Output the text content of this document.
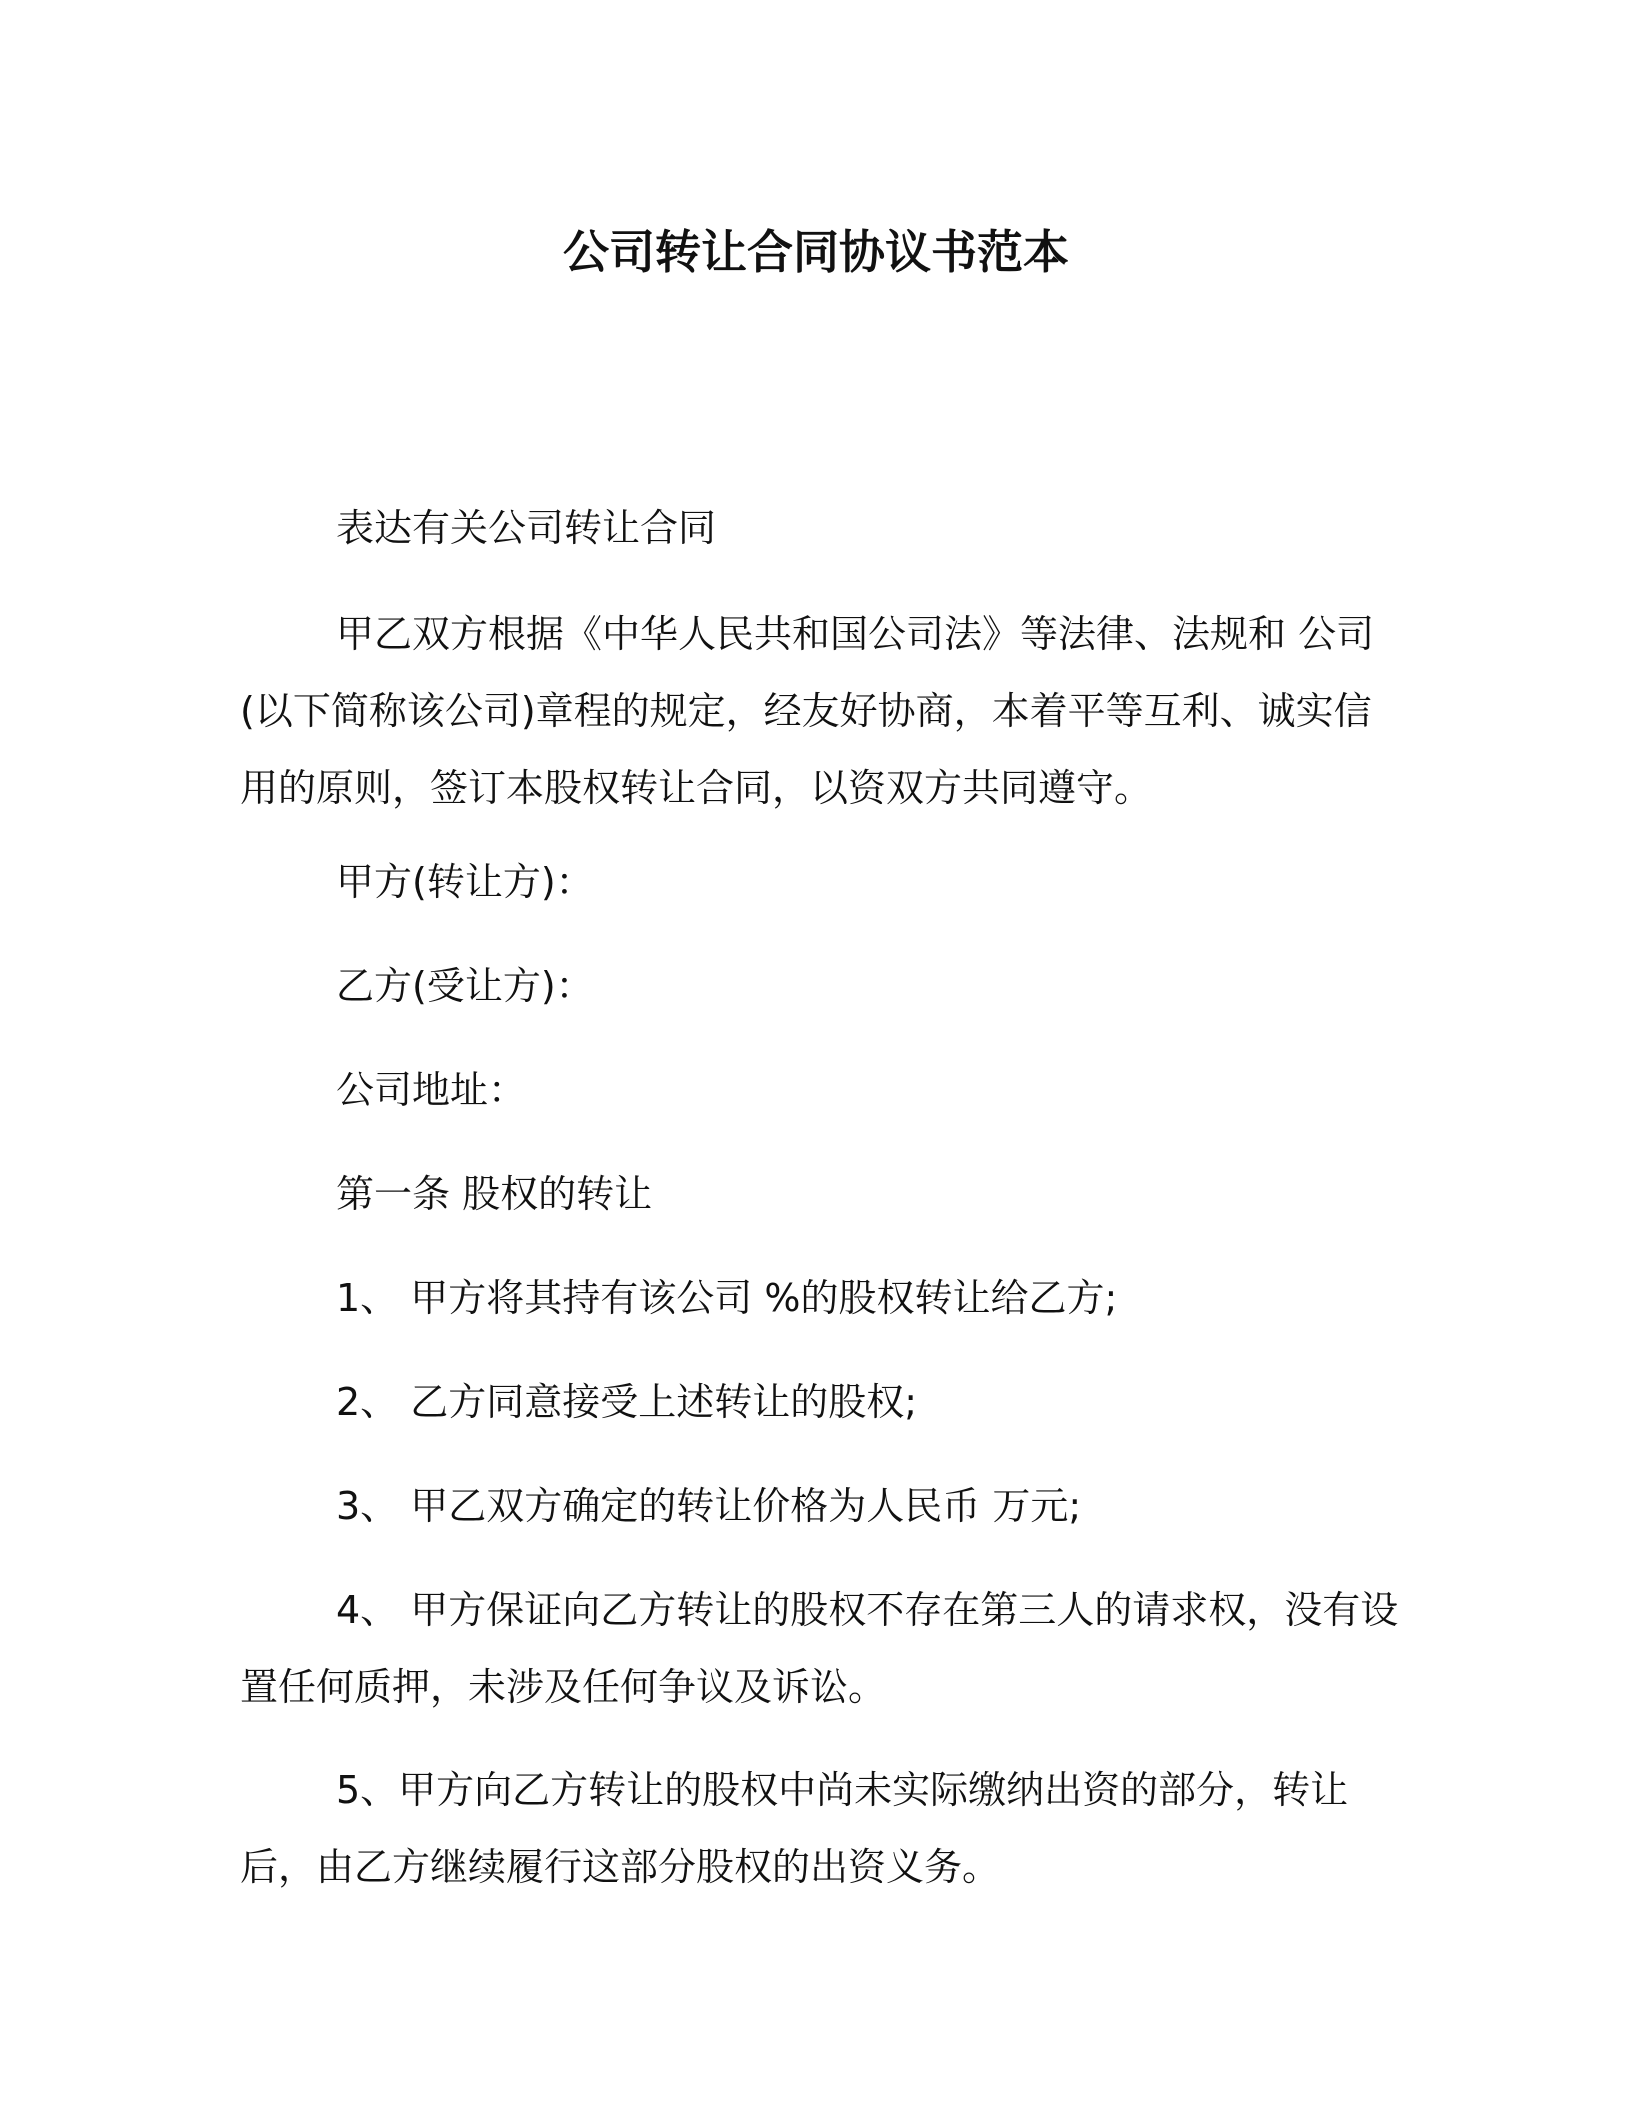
公司转让合同协议书范本
表达有关公司转让合同
甲乙双方根据《中华人民共和国公司法》等法律、法规和 公司(以下简称该公司)章程的规定，经友好协商，本着平等互利、诚实信用的原则，签订本股权转让合同，以资双方共同遵守。
甲方(转让方)：
乙方(受让方)：
公司地址：
第一条 股权的转让
1、 甲方将其持有该公司 %的股权转让给乙方;
2、 乙方同意接受上述转让的股权;
3、 甲乙双方确定的转让价格为人民币 万元;
4、 甲方保证向乙方转让的股权不存在第三人的请求权，没有设置任何质押，未涉及任何争议及诉讼。
5、甲方向乙方转让的股权中尚未实际缴纳出资的部分，转让后，由乙方继续履行这部分股权的出资义务。
